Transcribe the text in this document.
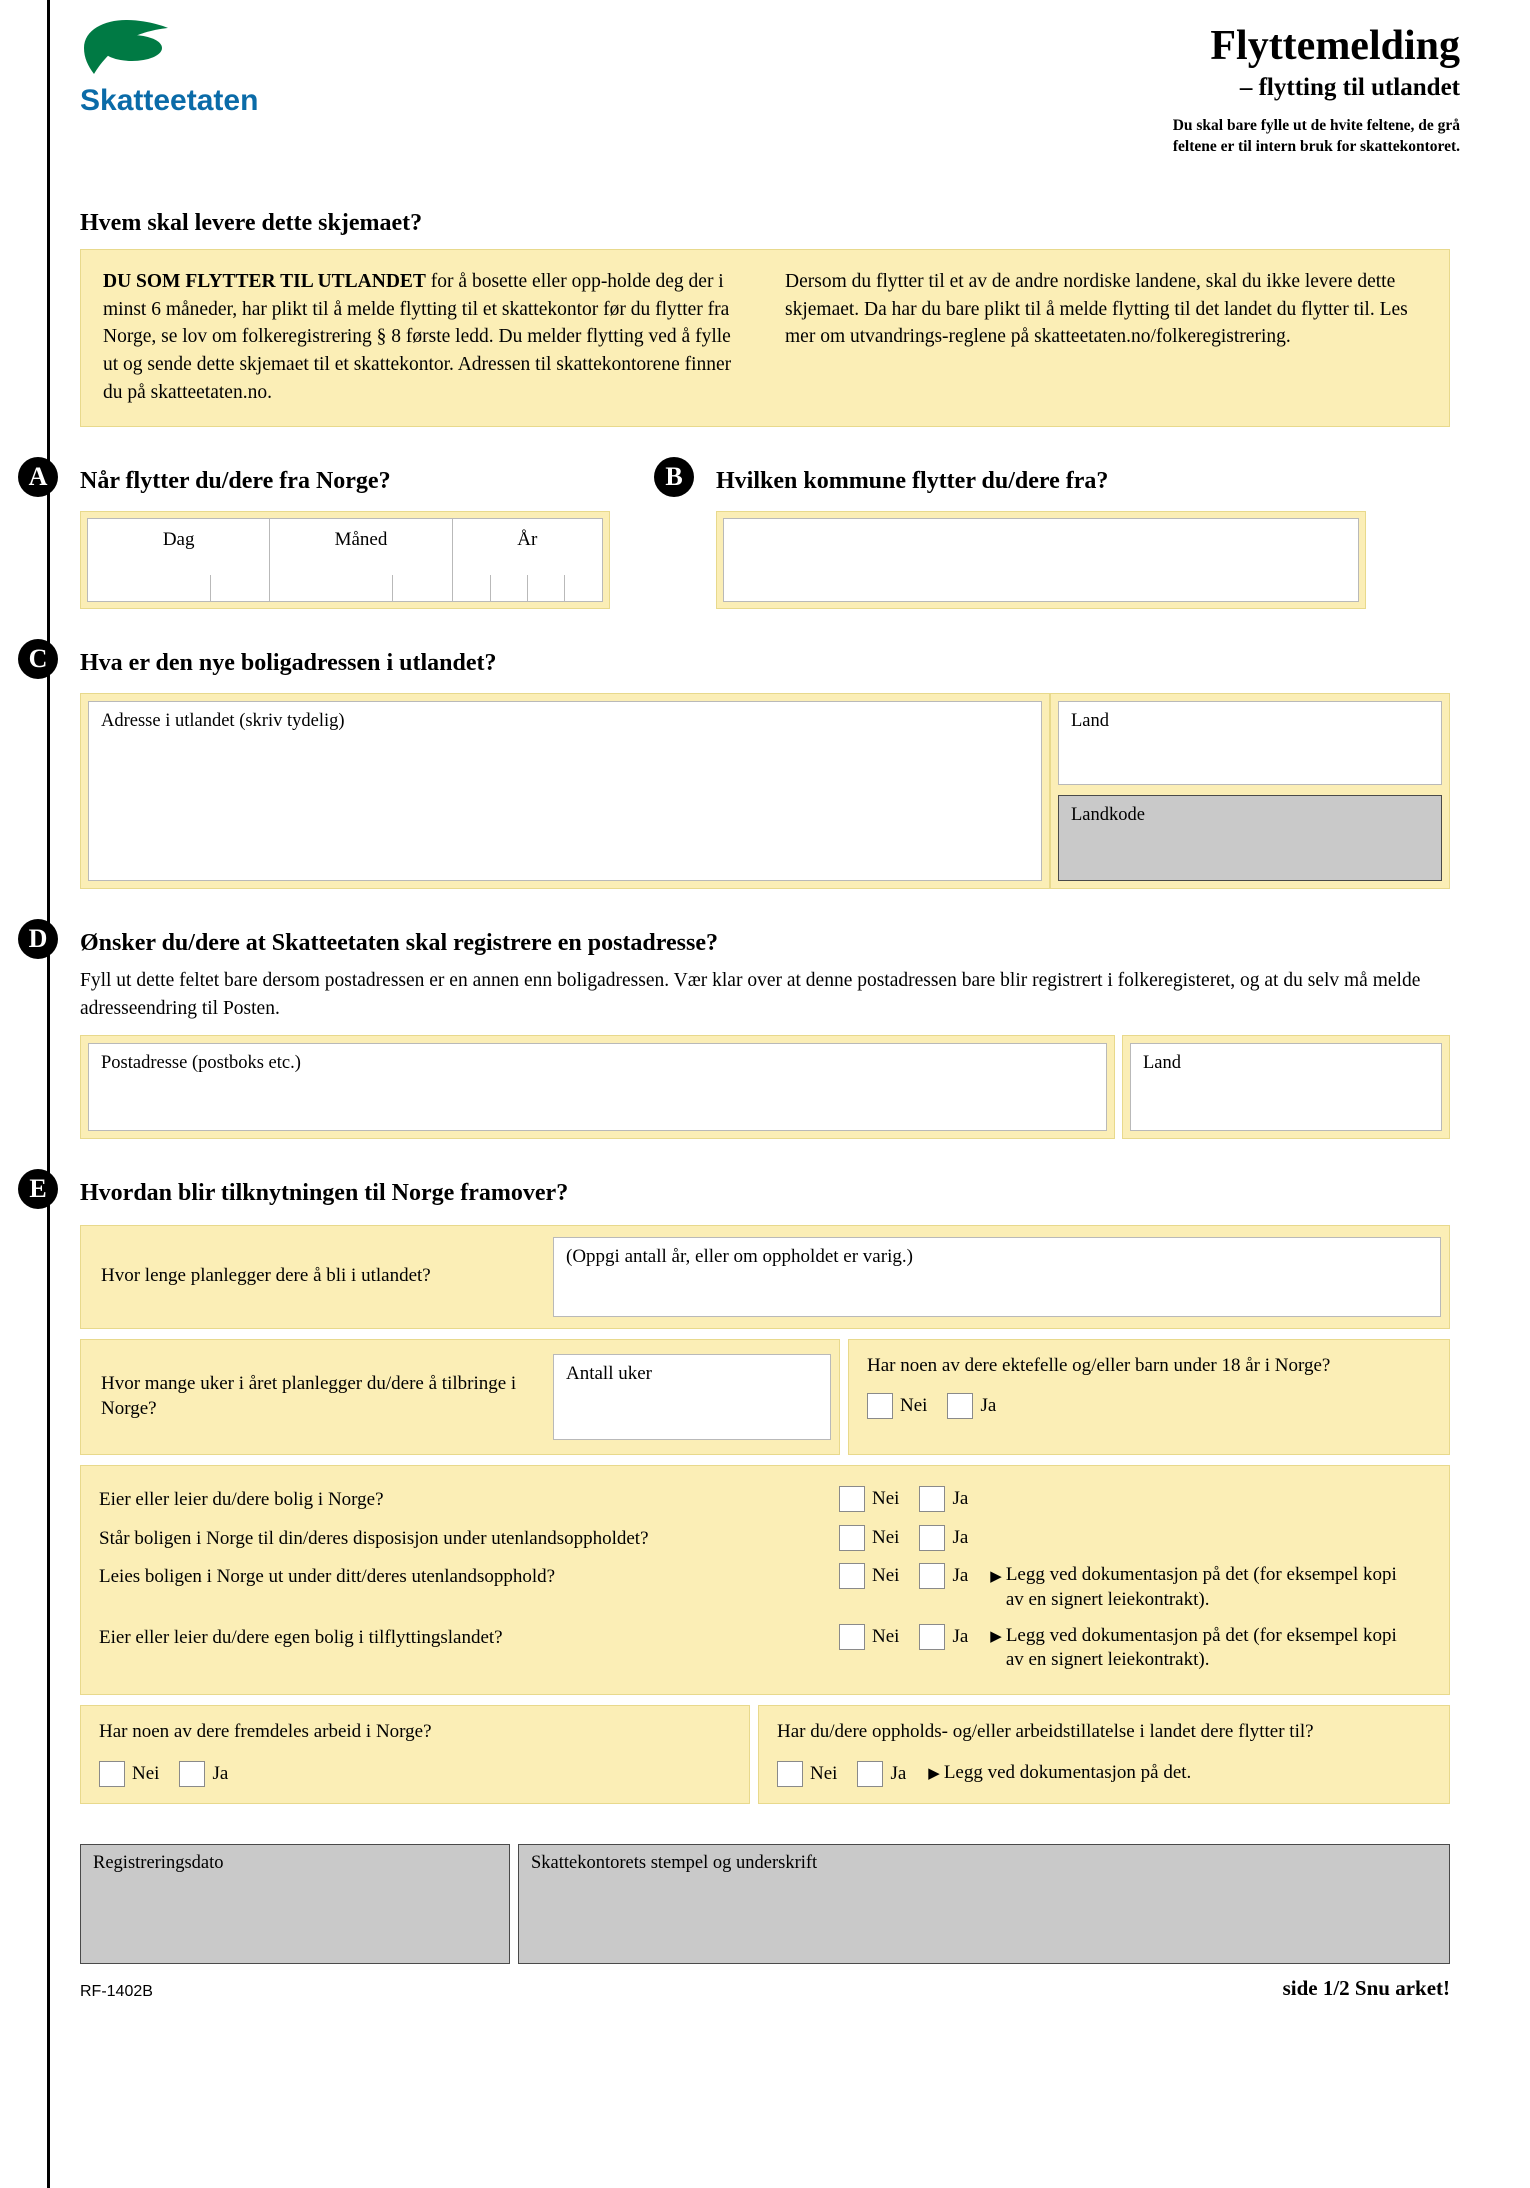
Skatteetaten
Flyttemelding
– flytting til utlandet
Du skal bare fylle ut de hvite feltene, de grå
feltene er til intern bruk for skattekontoret.
Hvem skal levere dette skjemaet?
DU SOM FLYTTER TIL UTLANDET for å bosette eller opp-holde deg der i minst 6 måneder, har plikt til å melde flytting til et skattekontor før du flytter fra Norge, se lov om folkeregistrering § 8 første ledd. Du melder flytting ved å fylle ut og sende dette skjemaet til et skattekontor. Adressen til skattekontorene finner du på skatteetaten.no.
Dersom du flytter til et av de andre nordiske landene, skal du ikke levere dette skjemaet. Da har du bare plikt til å melde flytting til det landet du flytter til. Les mer om utvandrings-reglene på skatteetaten.no/folkeregistrering.
A	Når flytter du/dere fra Norge?	B	Hvilken kommune flytter du/dere fra?
Dag	Måned	År
C	Hva er den nye boligadressen i utlandet?
Adresse i utlandet (skriv tydelig)	Land
Landkode
D	Ønsker du/dere at Skatteetaten skal registrere en postadresse?
Fyll ut dette feltet bare dersom postadressen er en annen enn boligadressen. Vær klar over at denne postadressen bare blir registrert i folkeregisteret, og at du selv må melde adresseendring til Posten.
Postadresse (postboks etc.)	Land
E	Hvordan blir tilknytningen til Norge framover?
Hvor lenge planlegger dere å bli i utlandet?
(Oppgi antall år, eller om oppholdet er varig.)
Hvor mange uker i året planlegger du/dere å tilbringe i Norge?
Antall uker	Har noen av dere ektefelle og/eller barn under 18 år i Norge?
Nei	Ja
Eier eller leier du/dere bolig i Norge?	Nei	Ja
Står boligen i Norge til din/deres disposisjon under utenlandsoppholdet?	Nei	Ja
Leies boligen i Norge ut under ditt/deres utenlandsopphold?	Nei	Ja ▶ Legg ved dokumentasjon på det (for eksempel kopi av en signert leiekontrakt).
Eier eller leier du/dere egen bolig i tilflyttingslandet?	Nei	Ja ▶ Legg ved dokumentasjon på det (for eksempel kopi av en signert leiekontrakt).
Har noen av dere fremdeles arbeid i Norge?
Nei	Ja
Har du/dere oppholds- og/eller arbeidstillatelse i landet dere flytter til?
Nei	Ja ▶ Legg ved dokumentasjon på det.
Registreringsdato	Skattekontorets stempel og underskrift
RF-1402B	side 1/2 Snu arket!
